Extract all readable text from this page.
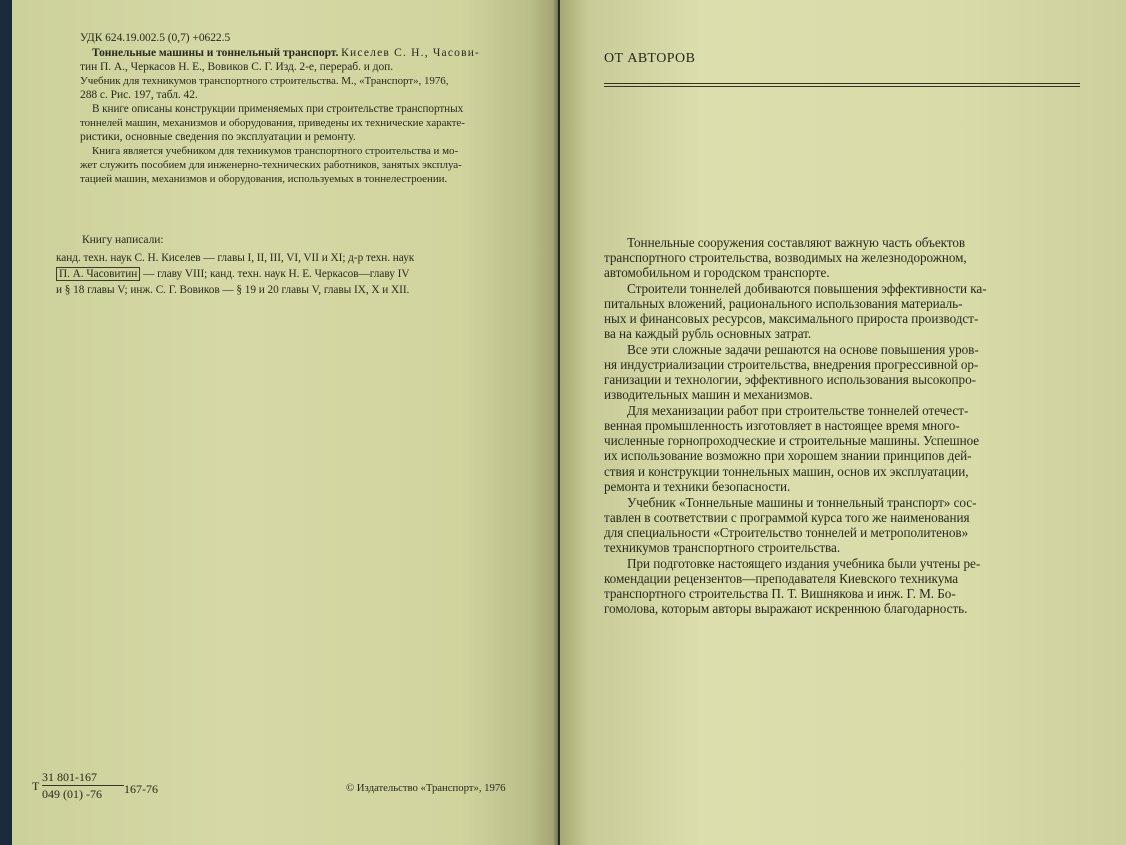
УДК 624.19.002.5 (0,7) +0622.5
Тоннельные машины и тоннельный транспорт. Киселев С. Н., Часови-
тин П. А., Черкасов Н. Е., Вовиков С. Г. Изд. 2-е, перераб. и доп.
Учебник для техникумов транспортного строительства. М., «Транспорт», 1976,
288 с. Рис. 197, табл. 42.
В книге описаны конструкции применяемых при строительстве транспортных
тоннелей машин, механизмов и оборудования, приведены их технические характе-
ристики, основные сведения по эксплуатации и ремонту.
Книга является учебником для техникумов транспортного строительства и мо-
жет служить пособием для инженерно-технических работников, занятых эксплуа-
тацией машин, механизмов и оборудования, используемых в тоннелестроении.
Книгу написали:
канд. техн. наук С. Н. Киселев — главы I, II, III, VI, VII и XI; д-р техн. наук
П. А. Часовитин — главу VIII; канд. техн. наук Н. Е. Черкасов—главу IV
и § 18 главы V; инж. С. Г. Вовиков — § 19 и 20 главы V, главы IX, X и XII.
Т
31 801-167
049 (01) -76 167-76	© Издательство «Транспорт», 1976
ОТ АВТОРОВ
Тоннельные сооружения составляют важную часть объектов
транспортного строительства, возводимых на железнодорожном,
автомобильном и городском транспорте.
Строители тоннелей добиваются повышения эффективности ка-
питальных вложений, рационального использования материаль-
ных и финансовых ресурсов, максимального прироста производст-
ва на каждый рубль основных затрат.
Все эти сложные задачи решаются на основе повышения уров-
ня индустриализации строительства, внедрения прогрессивной ор-
ганизации и технологии, эффективного использования высокопро-
изводительных машин и механизмов.
Для механизации работ при строительстве тоннелей отечест-
венная промышленность изготовляет в настоящее время много-
численные горнопроходческие и строительные машины. Успешное
их использование возможно при хорошем знании принципов дей-
ствия и конструкции тоннельных машин, основ их эксплуатации,
ремонта и техники безопасности.
Учебник «Тоннельные машины и тоннельный транспорт» сос-
тавлен в соответствии с программой курса того же наименования
для специальности «Строительство тоннелей и метрополитенов»
техникумов транспортного строительства.
При подготовке настоящего издания учебника были учтены ре-
комендации рецензентов—преподавателя Киевского техникума
транспортного строительства П. Т. Вишнякова и инж. Г. М. Бо-
гомолова, которым авторы выражают искреннюю благодарность.
